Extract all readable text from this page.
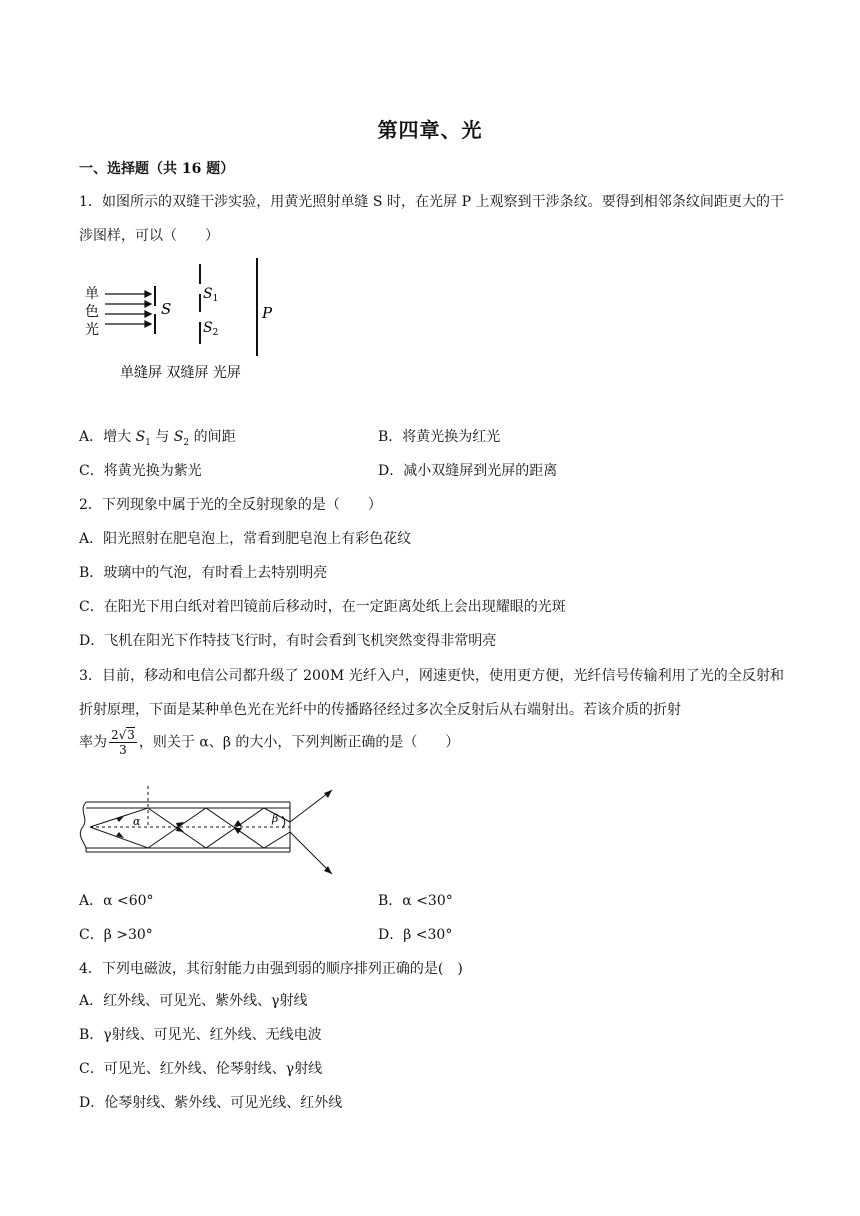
第四章、光
一、选择题（共 16 题）
1．如图所示的双缝干涉实验，用黄光照射单缝 S 时，在光屏 P 上观察到干涉条纹。要得到相邻条纹间距更大的干涉图样，可以（　　）
单
色
光
S
$S_1$
$S_2$
P
单缝屏 双缝屏 光屏
A．增大 $S_1$ 与 $S_2$ 的间距	B．将黄光换为红光
C．将黄光换为紫光	D．减小双缝屏到光屏的距离
2．下列现象中属于光的全反射现象的是（　　）
A．阳光照射在肥皂泡上，常看到肥皂泡上有彩色花纹
B．玻璃中的气泡，有时看上去特别明亮
C．在阳光下用白纸对着凹镜前后移动时，在一定距离处纸上会出现耀眼的光斑
D．飞机在阳光下作特技飞行时，有时会看到飞机突然变得非常明亮
3．目前，移动和电信公司都升级了 200M 光纤入户，网速更快，使用更方便，光纤信号传输利用了光的全反射和折射原理，下面是某种单色光在光纤中的传播路径经过多次全反射后从右端射出。若该介质的折射
率为 $\frac{2√3}{3}$ ，则关于 α、β 的大小，下列判断正确的是（　　）
α	β
A．α <60°	B．α <30°
C．β >30°	D．β <30°
4．下列电磁波，其衍射能力由强到弱的顺序排列正确的是(　)
A．红外线、可见光、紫外线、γ射线
B．γ射线、可见光、红外线、无线电波
C．可见光、红外线、伦琴射线、γ射线
D．伦琴射线、紫外线、可见光线、红外线
